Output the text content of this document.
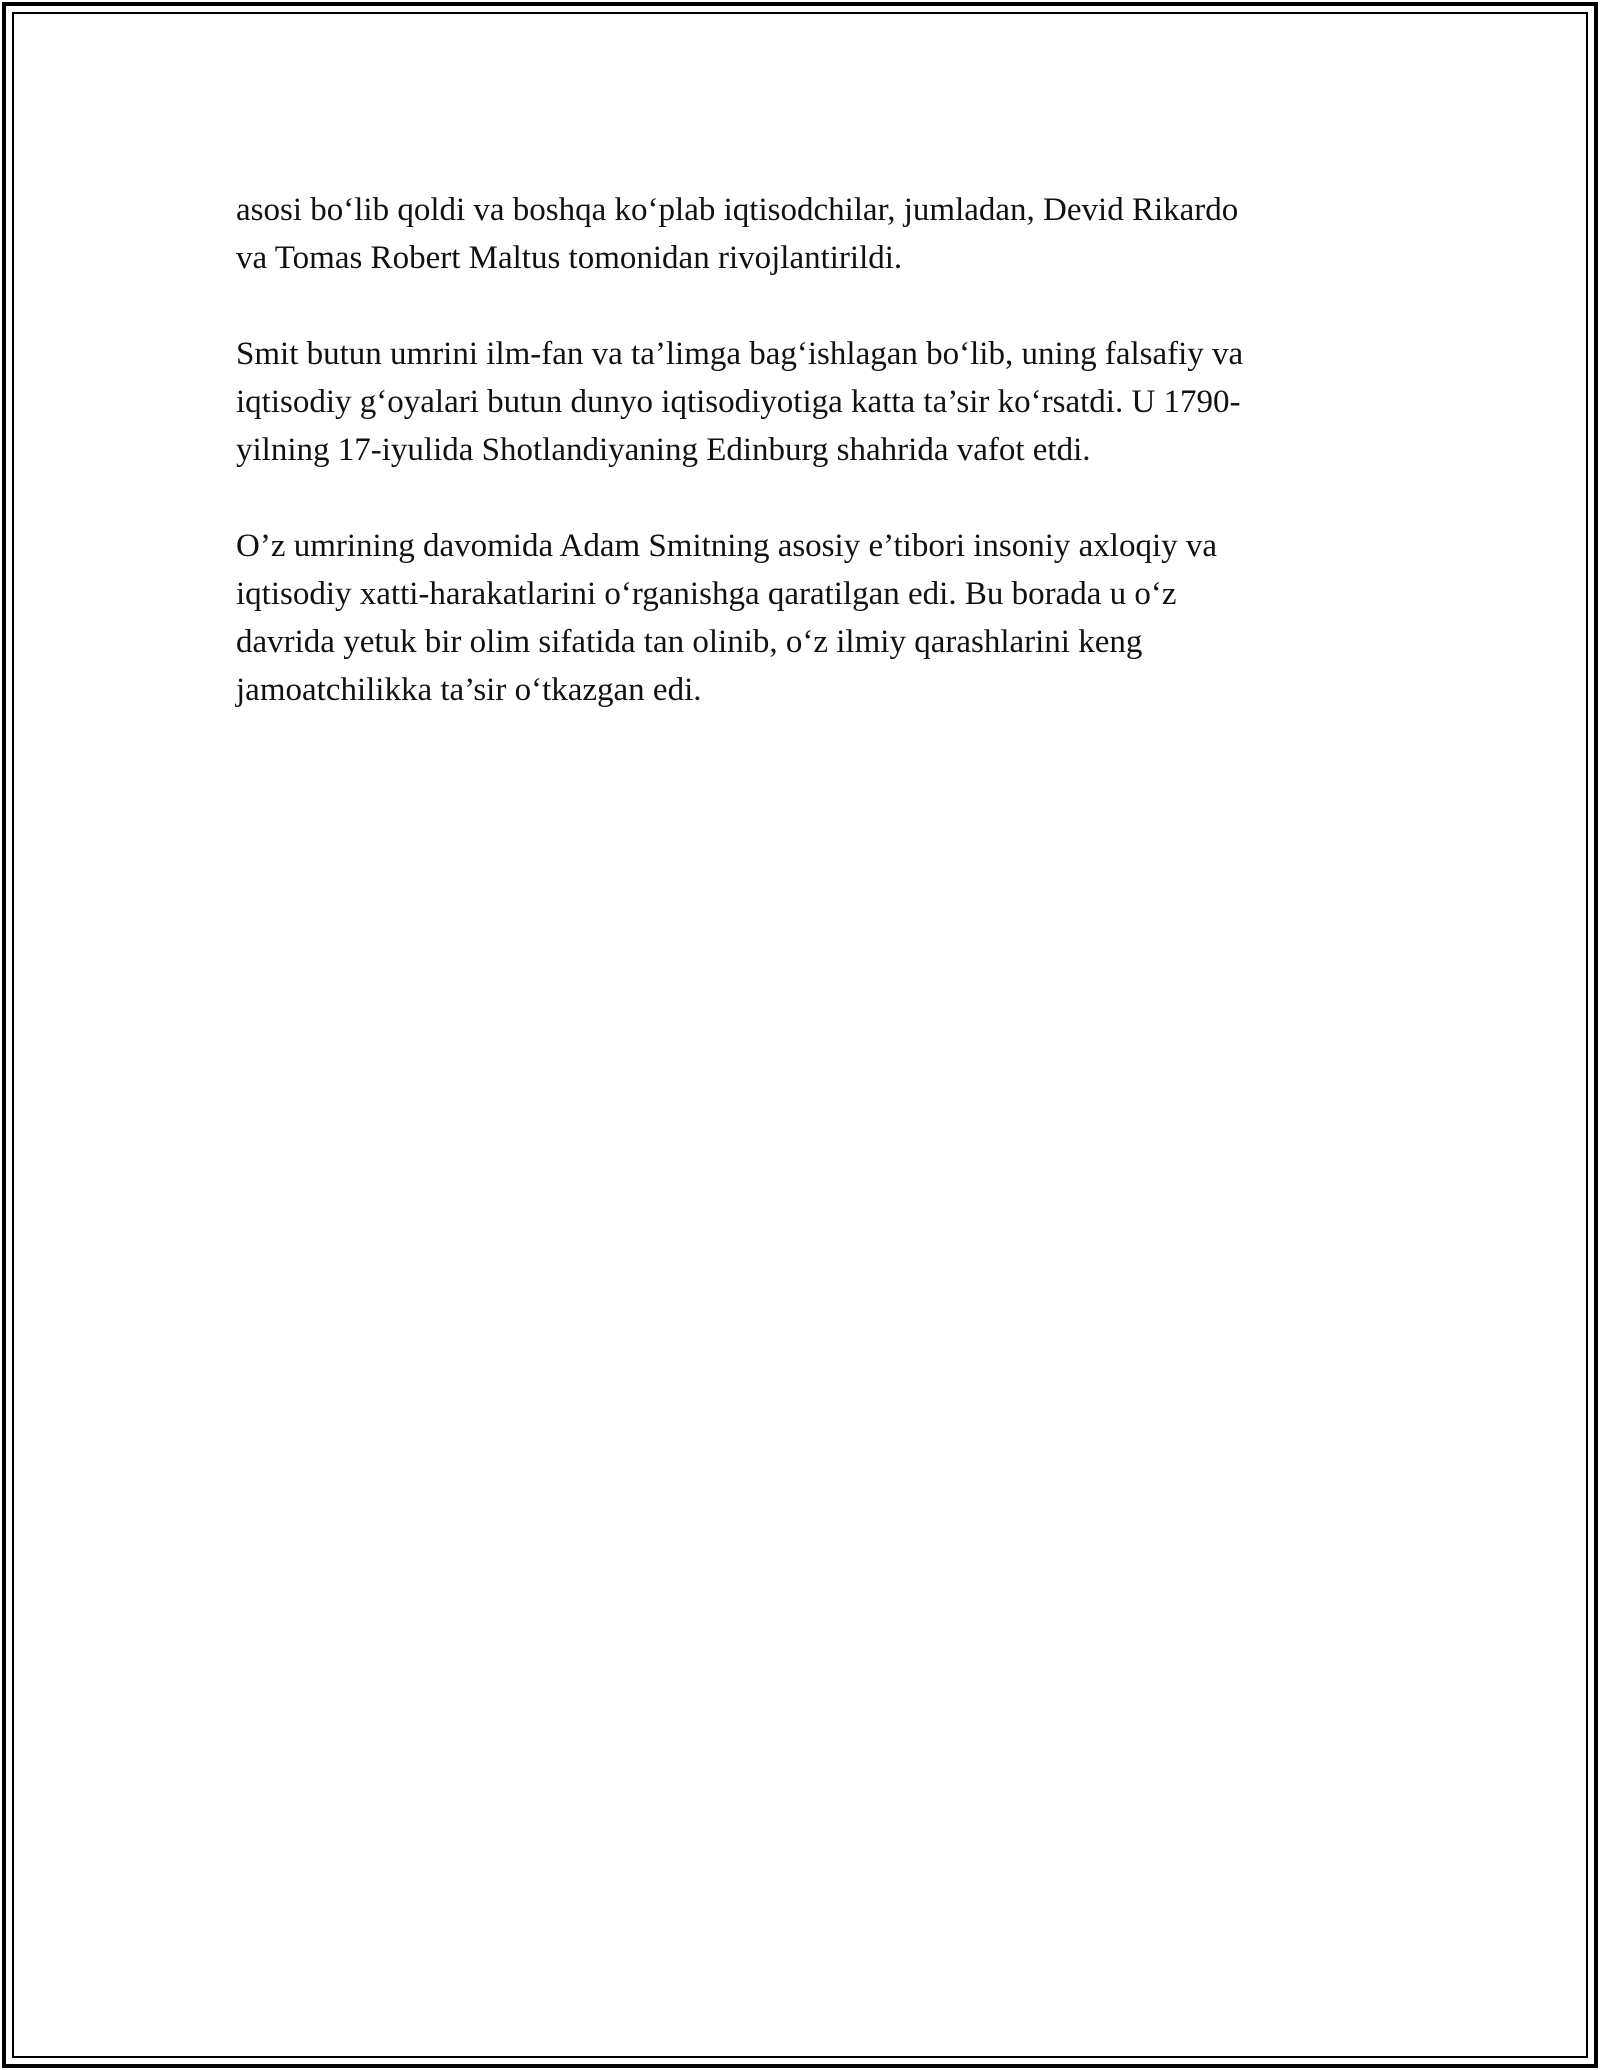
asosi bo‘lib qoldi va boshqa ko‘plab iqtisodchilar, jumladan, Devid Rikardo
va Tomas Robert Maltus tomonidan rivojlantirildi.

Smit butun umrini ilm-fan va ta’limga bag‘ishlagan bo‘lib, uning falsafiy va
iqtisodiy g‘oyalari butun dunyo iqtisodiyotiga katta ta’sir ko‘rsatdi. U 1790-
yilning 17-iyulida Shotlandiyaning Edinburg shahrida vafot etdi.

O’z umrining davomida Adam Smitning asosiy e’tibori insoniy axloqiy va
iqtisodiy xatti-harakatlarini o‘rganishga qaratilgan edi. Bu borada u o‘z
davrida yetuk bir olim sifatida tan olinib, o‘z ilmiy qarashlarini keng
jamoatchilikka ta’sir o‘tkazgan edi.
